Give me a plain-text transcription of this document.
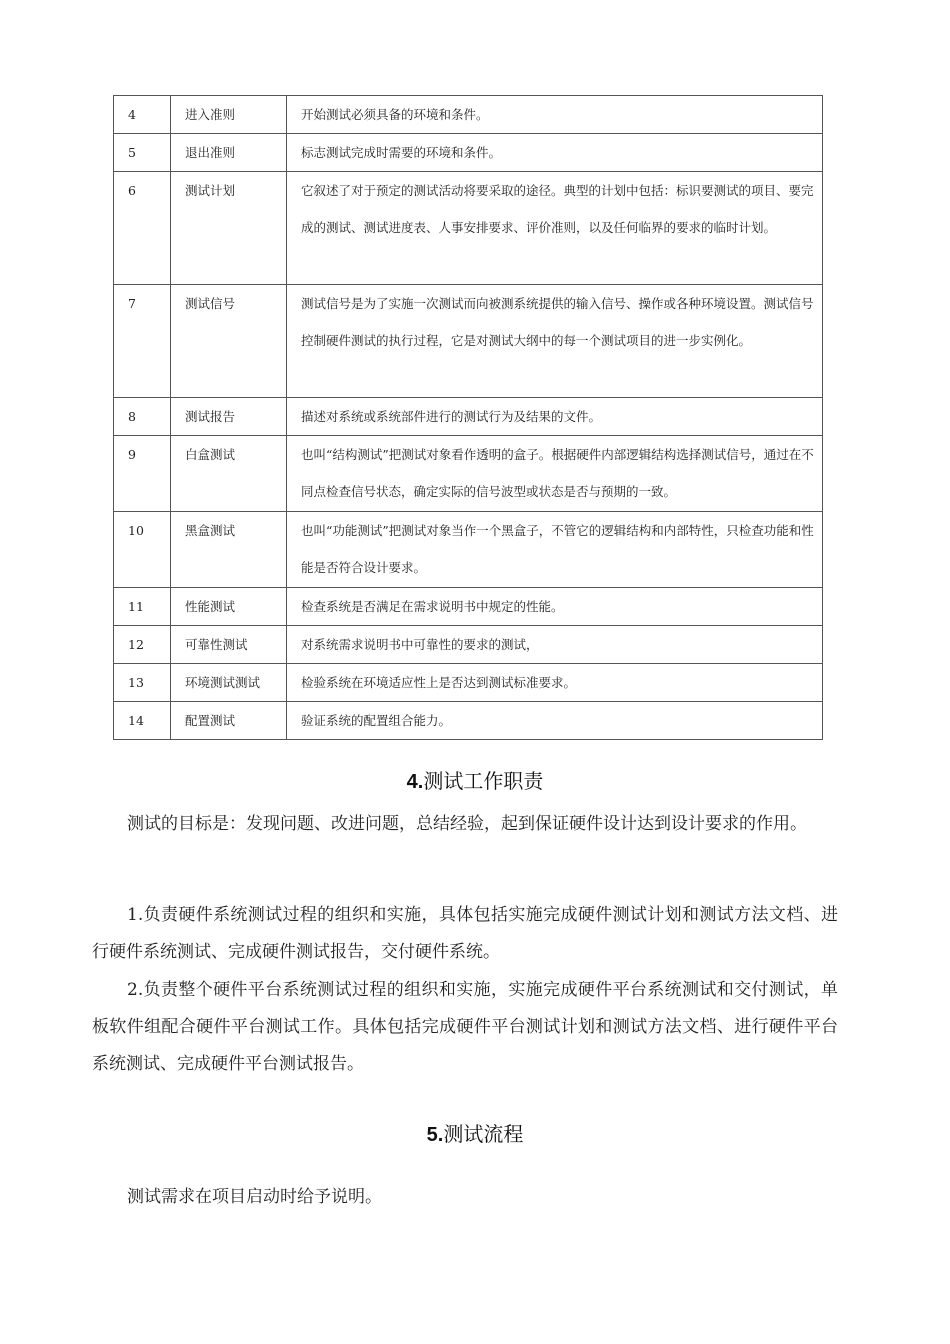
4	进入准则	开始测试必须具备的环境和条件。
5	退出准则	标志测试完成时需要的环境和条件。
6	测试计划	它叙述了对于预定的测试活动将要采取的途径。典型的计划中包括：标识要测试的项目、要完成的测试、测试进度表、人事安排要求、评价准则，以及任何临界的要求的临时计划。
7	测试信号	测试信号是为了实施一次测试而向被测系统提供的输入信号、操作或各种环境设置。测试信号控制硬件测试的执行过程，它是对测试大纲中的每一个测试项目的进一步实例化。
8	测试报告	描述对系统或系统部件进行的测试行为及结果的文件。
9	白盒测试	也叫“结构测试”把测试对象看作透明的盒子。根据硬件内部逻辑结构选择测试信号，通过在不同点检查信号状态，确定实际的信号波型或状态是否与预期的一致。
10	黑盒测试	也叫“功能测试”把测试对象当作一个黑盒子，不管它的逻辑结构和内部特性，只检查功能和性能是否符合设计要求。
11	性能测试	检查系统是否满足在需求说明书中规定的性能。
12	可靠性测试	对系统需求说明书中可靠性的要求的测试，
13	环境测试测试	检验系统在环境适应性上是否达到测试标准要求。
14	配置测试	验证系统的配置组合能力。
4.测试工作职责

测试的目标是：发现问题、改进问题，总结经验，起到保证硬件设计达到设计要求的作用。

1.负责硬件系统测试过程的组织和实施，具体包括实施完成硬件测试计划和测试方法文档、进行硬件系统测试、完成硬件测试报告，交付硬件系统。

2.负责整个硬件平台系统测试过程的组织和实施，实施完成硬件平台系统测试和交付测试，单板软件组配合硬件平台测试工作。具体包括完成硬件平台测试计划和测试方法文档、进行硬件平台系统测试、完成硬件平台测试报告。

5.测试流程

测试需求在项目启动时给予说明。
